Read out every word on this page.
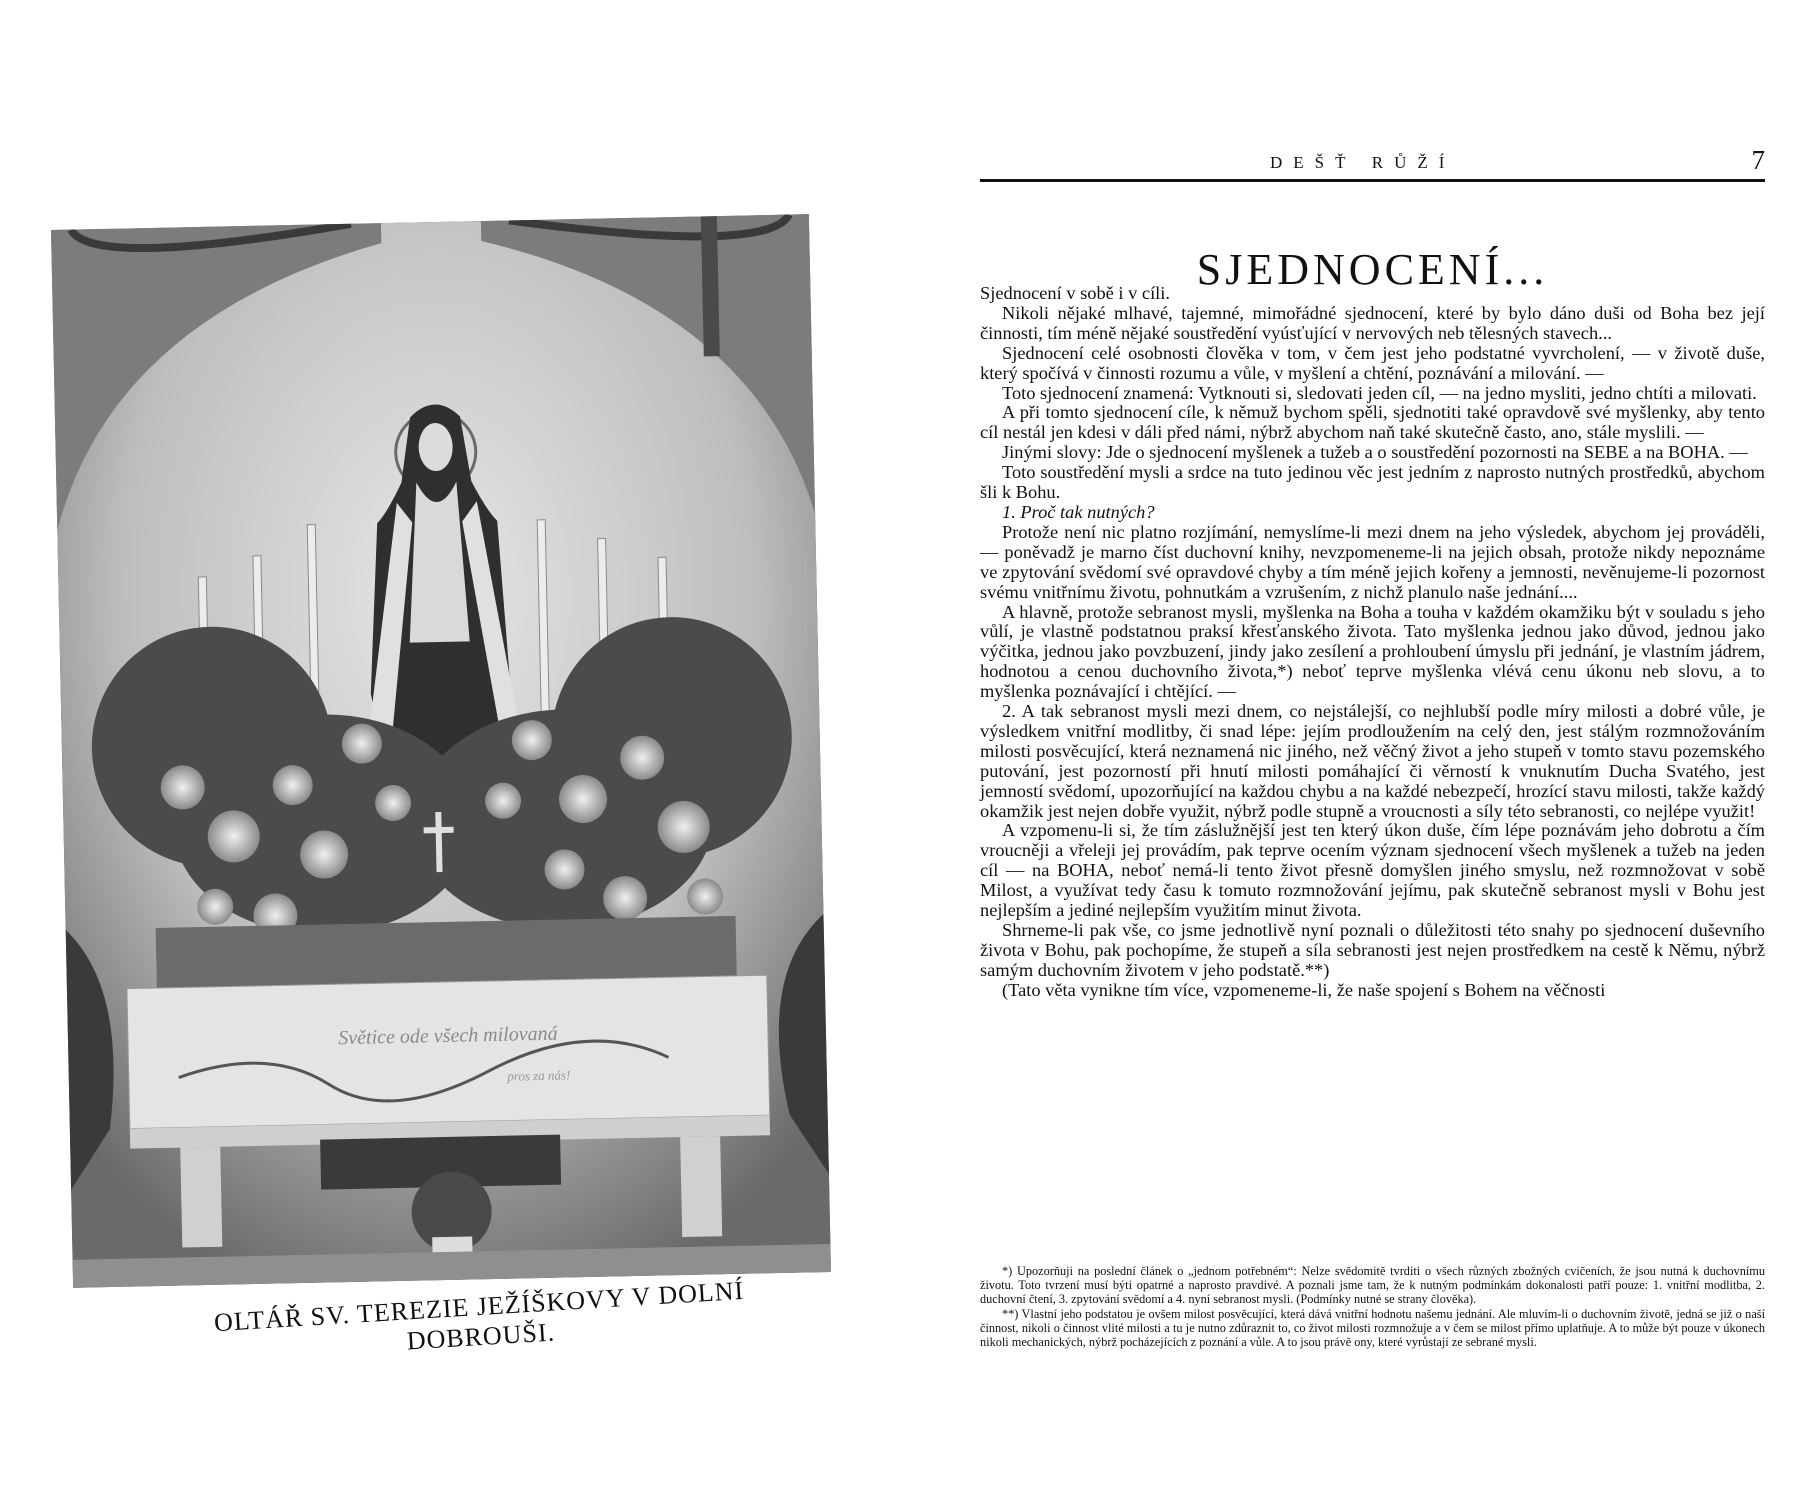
Světice ode všech milovaná
pros za nás!
OLTÁŘ SV. TEREZIE JEŽÍŠKOVY V DOLNÍ DOBROUŠI.
DEŠŤ RŮŽÍ	7
SJEDNOCENÍ...

Sjednocení v sobě i v cíli.

Nikoli nějaké mlhavé, tajemné, mimořádné sjednocení, které by bylo dáno duši od Boha bez její činnosti, tím méně nějaké soustředění vyúsťující v nervových neb tělesných stavech...

Sjednocení celé osobnosti člověka v tom, v čem jest jeho podstatné vyvrcholení, — v životě duše, který spočívá v činnosti rozumu a vůle, v myšlení a chtění, poznávání a milování. —

Toto sjednocení znamená: Vytknouti si, sledovati jeden cíl, — na jedno mysliti, jedno chtíti a milovati.

A při tomto sjednocení cíle, k němuž bychom spěli, sjednotiti také opravdově své myšlenky, aby tento cíl nestál jen kdesi v dáli před námi, nýbrž abychom naň také skutečně často, ano, stále myslili. —

Jinými slovy: Jde o sjednocení myšlenek a tužeb a o soustředění pozornosti na SEBE a na BOHA. —

Toto soustředění mysli a srdce na tuto jedinou věc jest jedním z naprosto nutných prostředků, abychom šli k Bohu.

1. Proč tak nutných?

Protože není nic platno rozjímání, nemyslíme-li mezi dnem na jeho výsledek, abychom jej prováděli, — poněvadž je marno číst duchovní knihy, nevzpomeneme-li na jejich obsah, protože nikdy nepoznáme ve zpytování svědomí své opravdové chyby a tím méně jejich kořeny a jemnosti, nevěnujeme-li pozornost svému vnitřnímu životu, pohnutkám a vzrušením, z nichž planulo naše jednání....

A hlavně, protože sebranost mysli, myšlenka na Boha a touha v každém okamžiku být v souladu s jeho vůlí, je vlastně podstatnou praksí křesťanského života. Tato myšlenka jednou jako důvod, jednou jako výčitka, jednou jako povzbuzení, jindy jako zesílení a prohloubení úmyslu při jednání, je vlastním jádrem, hodnotou a cenou duchovního života,*) neboť teprve myšlenka vlévá cenu úkonu neb slovu, a to myšlenka poznávající i chtějící. —

2. A tak sebranost mysli mezi dnem, co nejstálejší, co nejhlubší podle míry milosti a dobré vůle, je výsledkem vnitřní modlitby, či snad lépe: jejím prodloužením na celý den, jest stálým rozmnožováním milosti posvěcující, která neznamená nic jiného, než věčný život a jeho stupeň v tomto stavu pozemského putování, jest pozorností při hnutí milosti pomáhající či věrností k vnuknutím Ducha Svatého, jest jemností svědomí, upozorňující na každou chybu a na každé nebezpečí, hrozící stavu milosti, takže každý okamžik jest nejen dobře využit, nýbrž podle stupně a vroucnosti a síly této sebranosti, co nejlépe využit!

A vzpomenu-li si, že tím záslužnější jest ten který úkon duše, čím lépe poznávám jeho dobrotu a čím vroucněji a vřeleji jej provádím, pak teprve ocením význam sjednocení všech myšlenek a tužeb na jeden cíl — na BOHA, neboť nemá-li tento život přesně domyšlen jiného smyslu, než rozmnožovat v sobě Milost, a využívat tedy času k tomuto rozmnožování jejímu, pak skutečně sebranost mysli v Bohu jest nejlepším a jediné nejlepším využitím minut života.

Shrneme-li pak vše, co jsme jednotlivě nyní poznali o důležitosti této snahy po sjednocení duševního života v Bohu, pak pochopíme, že stupeň a síla sebranosti jest nejen prostředkem na cestě k Němu, nýbrž samým duchovním životem v jeho podstatě.**)

(Tato věta vynikne tím více, vzpomeneme-li, že naše spojení s Bohem na věčnosti

*) Upozorňuji na poslední článek o „jednom potřebném“: Nelze svědomitě tvrditi o všech různých zbožných cvičeních, že jsou nutná k duchovnímu životu. Toto tvrzení musí býti opatrné a naprosto pravdivé. A poznali jsme tam, že k nutným podmínkám dokonalosti patří pouze: 1. vnitřní modlitba, 2. duchovní čtení, 3. zpytování svědomí a 4. nyní sebranost mysli. (Podmínky nutné se strany člověka).

**) Vlastní jeho podstatou je ovšem milost posvěcující, která dává vnitřní hodnotu našemu jednání. Ale mluvím-li o duchovním životě, jedná se již o naší činnost, nikoli o činnost vlité milosti a tu je nutno zdůraznit to, co život milosti rozmnožuje a v čem se milost přímo uplatňuje. A to může být pouze v úkonech nikoli mechanických, nýbrž pocházejících z poznání a vůle. A to jsou právě ony, které vyrůstají ze sebrané mysli.
